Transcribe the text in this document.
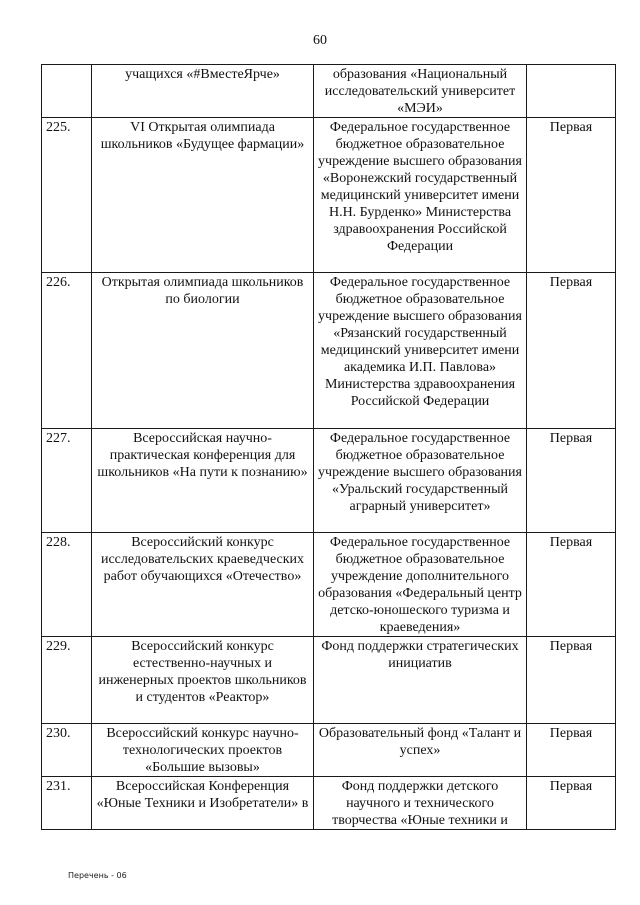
60
	учащихся «#ВместеЯрче»	образования «Национальный исследовательский университет «МЭИ»	
225.	VI Открытая олимпиада школьников «Будущее фармации»	Федеральное государственное бюджетное образовательное учреждение высшего образования «Воронежский государственный медицинский университет имени Н.Н. Бурденко» Министерства здравоохранения Российской Федерации	Первая
226.	Открытая олимпиада школьников по биологии	Федеральное государственное бюджетное образовательное учреждение высшего образования «Рязанский государственный медицинский университет имени академика И.П. Павлова» Министерства здравоохранения Российской Федерации	Первая
227.	Всероссийская научно-практическая конференция для школьников «На пути к познанию»	Федеральное государственное бюджетное образовательное учреждение высшего образования «Уральский государственный аграрный университет»	Первая
228.	Всероссийский конкурс исследовательских краеведческих работ обучающихся «Отечество»	Федеральное государственное бюджетное образовательное учреждение дополнительного образования «Федеральный центр детско-юношеского туризма и краеведения»	Первая
229.	Всероссийский конкурс естественно-научных и инженерных проектов школьников и студентов «Реактор»	Фонд поддержки стратегических инициатив	Первая
230.	Всероссийский конкурс научно-технологических проектов «Большие вызовы»	Образовательный фонд «Талант и успех»	Первая
231.	Всероссийская Конференция «Юные Техники и Изобретатели» в	Фонд поддержки детского научного и технического творчества «Юные техники и	Первая
Перечень - 06
